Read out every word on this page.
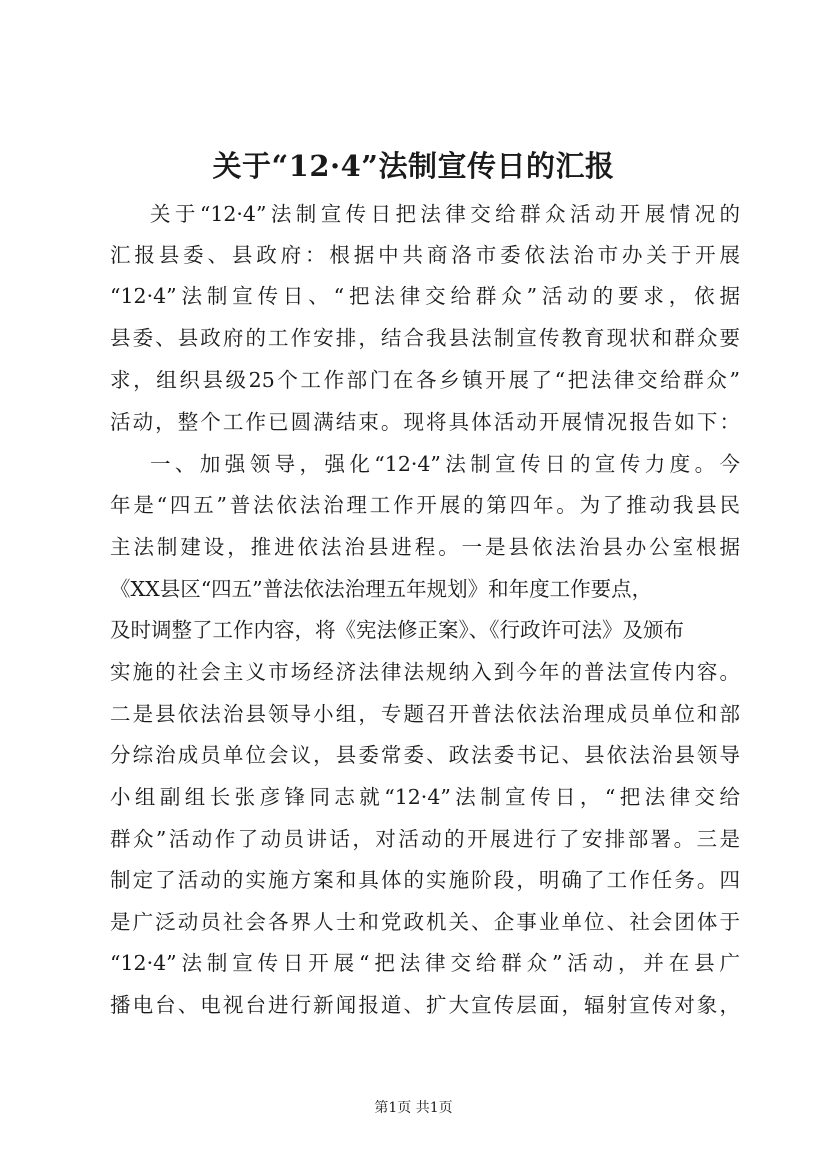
关于“12·4”法制宣传日的汇报
关于“12·4”法制宣传日把法律交给群众活动开展情况的
汇报县委、县政府：根据中共商洛市委依法治市办关于开展
“12·4”法制宣传日、“把法律交给群众”活动的要求，依据
县委、县政府的工作安排，结合我县法制宣传教育现状和群众要
求，组织县级25个工作部门在各乡镇开展了“把法律交给群众”
活动，整个工作已圆满结束。现将具体活动开展情况报告如下：
一、加强领导，强化“12·4”法制宣传日的宣传力度。今
年是“四五”普法依法治理工作开展的第四年。为了推动我县民
主法制建设，推进依法治县进程。一是县依法治县办公室根据
《XX县区“四五”普法依法治理五年规划》和年度工作要点，
及时调整了工作内容，将《宪法修正案》、《行政许可法》及颁布
实施的社会主义市场经济法律法规纳入到今年的普法宣传内容。
二是县依法治县领导小组，专题召开普法依法治理成员单位和部
分综治成员单位会议，县委常委、政法委书记、县依法治县领导
小组副组长张彦锋同志就“12·4”法制宣传日，“把法律交给
群众”活动作了动员讲话，对活动的开展进行了安排部署。三是
制定了活动的实施方案和具体的实施阶段，明确了工作任务。四
是广泛动员社会各界人士和党政机关、企事业单位、社会团体于
“12·4”法制宣传日开展“把法律交给群众”活动，并在县广
播电台、电视台进行新闻报道、扩大宣传层面，辐射宣传对象，
第1页 共1页
